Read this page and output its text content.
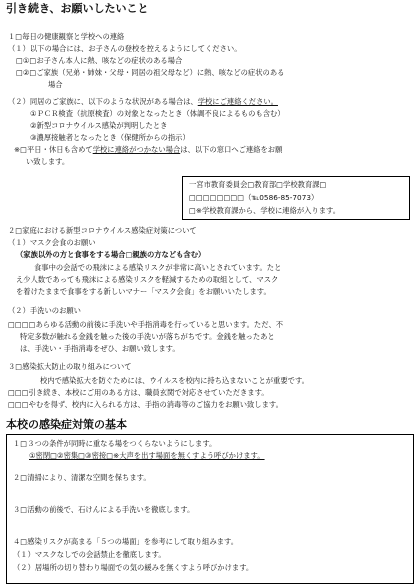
引き続き、お願いしたいこと
１□毎日の健康観察と学校への連絡
（１）以下の場合には、お子さんの登校を控えるようにしてください。
□①□お子さん本人に熱、咳などの症状のある場合
□②□ご家族（兄弟・姉妹・父母・同居の祖父母など）に熱、咳などの症状のある
場合
（２）同居のご家族に、以下のような状況がある場合は、学校にご連絡ください。
①ＰＣＲ検査（抗原検査）の対象となったとき（体調不良によるものも含む）
②新型コロナウイルス感染が判明したとき
③濃厚接触者となったとき（保健所からの指示）
※□平日・休日も含めて学校に連絡がつかない場合は、以下の窓口へご連絡をお願
い致します。
一宮市教育委員会□教育部□学校教育課□
□□□□□□□□（℡0586-85-7073）
□※学校教育課から、学校に連絡が入ります。
２□家庭における新型コロナウイルス感染症対策について
（１）マスク会食のお願い
（家族以外の方と食事をする場合□親族の方なども含む）
食事中の会話での飛沫による感染リスクが非常に高いとされています。たと
え少人数であっても飛沫による感染リスクを軽減するための取組として、マスク
を着けたままで食事をする新しいマナー「マスク会食」をお願いいたします。
（２）手洗いのお願い
□□□□あらゆる活動の前後に手洗いや手指消毒を行っていると思います。ただ、不
特定多数が触れる金銭を触った後の手洗いが落ちがちです。金銭を触ったあと
は、手洗い・手指消毒をぜひ、お願い致します。
３□感染拡大防止の取り組みについて
校内で感染拡大を防ぐためには、ウイルスを校内に持ち込まないことが重要です。
□□□引き続き、本校にご用のある方は、職員玄関で対応させていただきます。
□□□やむを得ず、校内に入られる方は、手指の消毒等のご協力をお願い致します。
本校の感染症対策の基本
１□３つの条件が同時に重なる場をつくらないようにします。
①密閉□②密集□③密接□※大声を出す場面を無くすよう呼びかけます。
２□清掃により、清潔な空間を保ちます。
３□活動の前後で、石けんによる手洗いを徹底します。
４□感染リスクが高まる「５つの場面」を参考にして取り組みます。
（１）マスクなしでの会話禁止を徹底します。
（２）居場所の切り替わり場面での気の緩みを無くすよう呼びかけます。
